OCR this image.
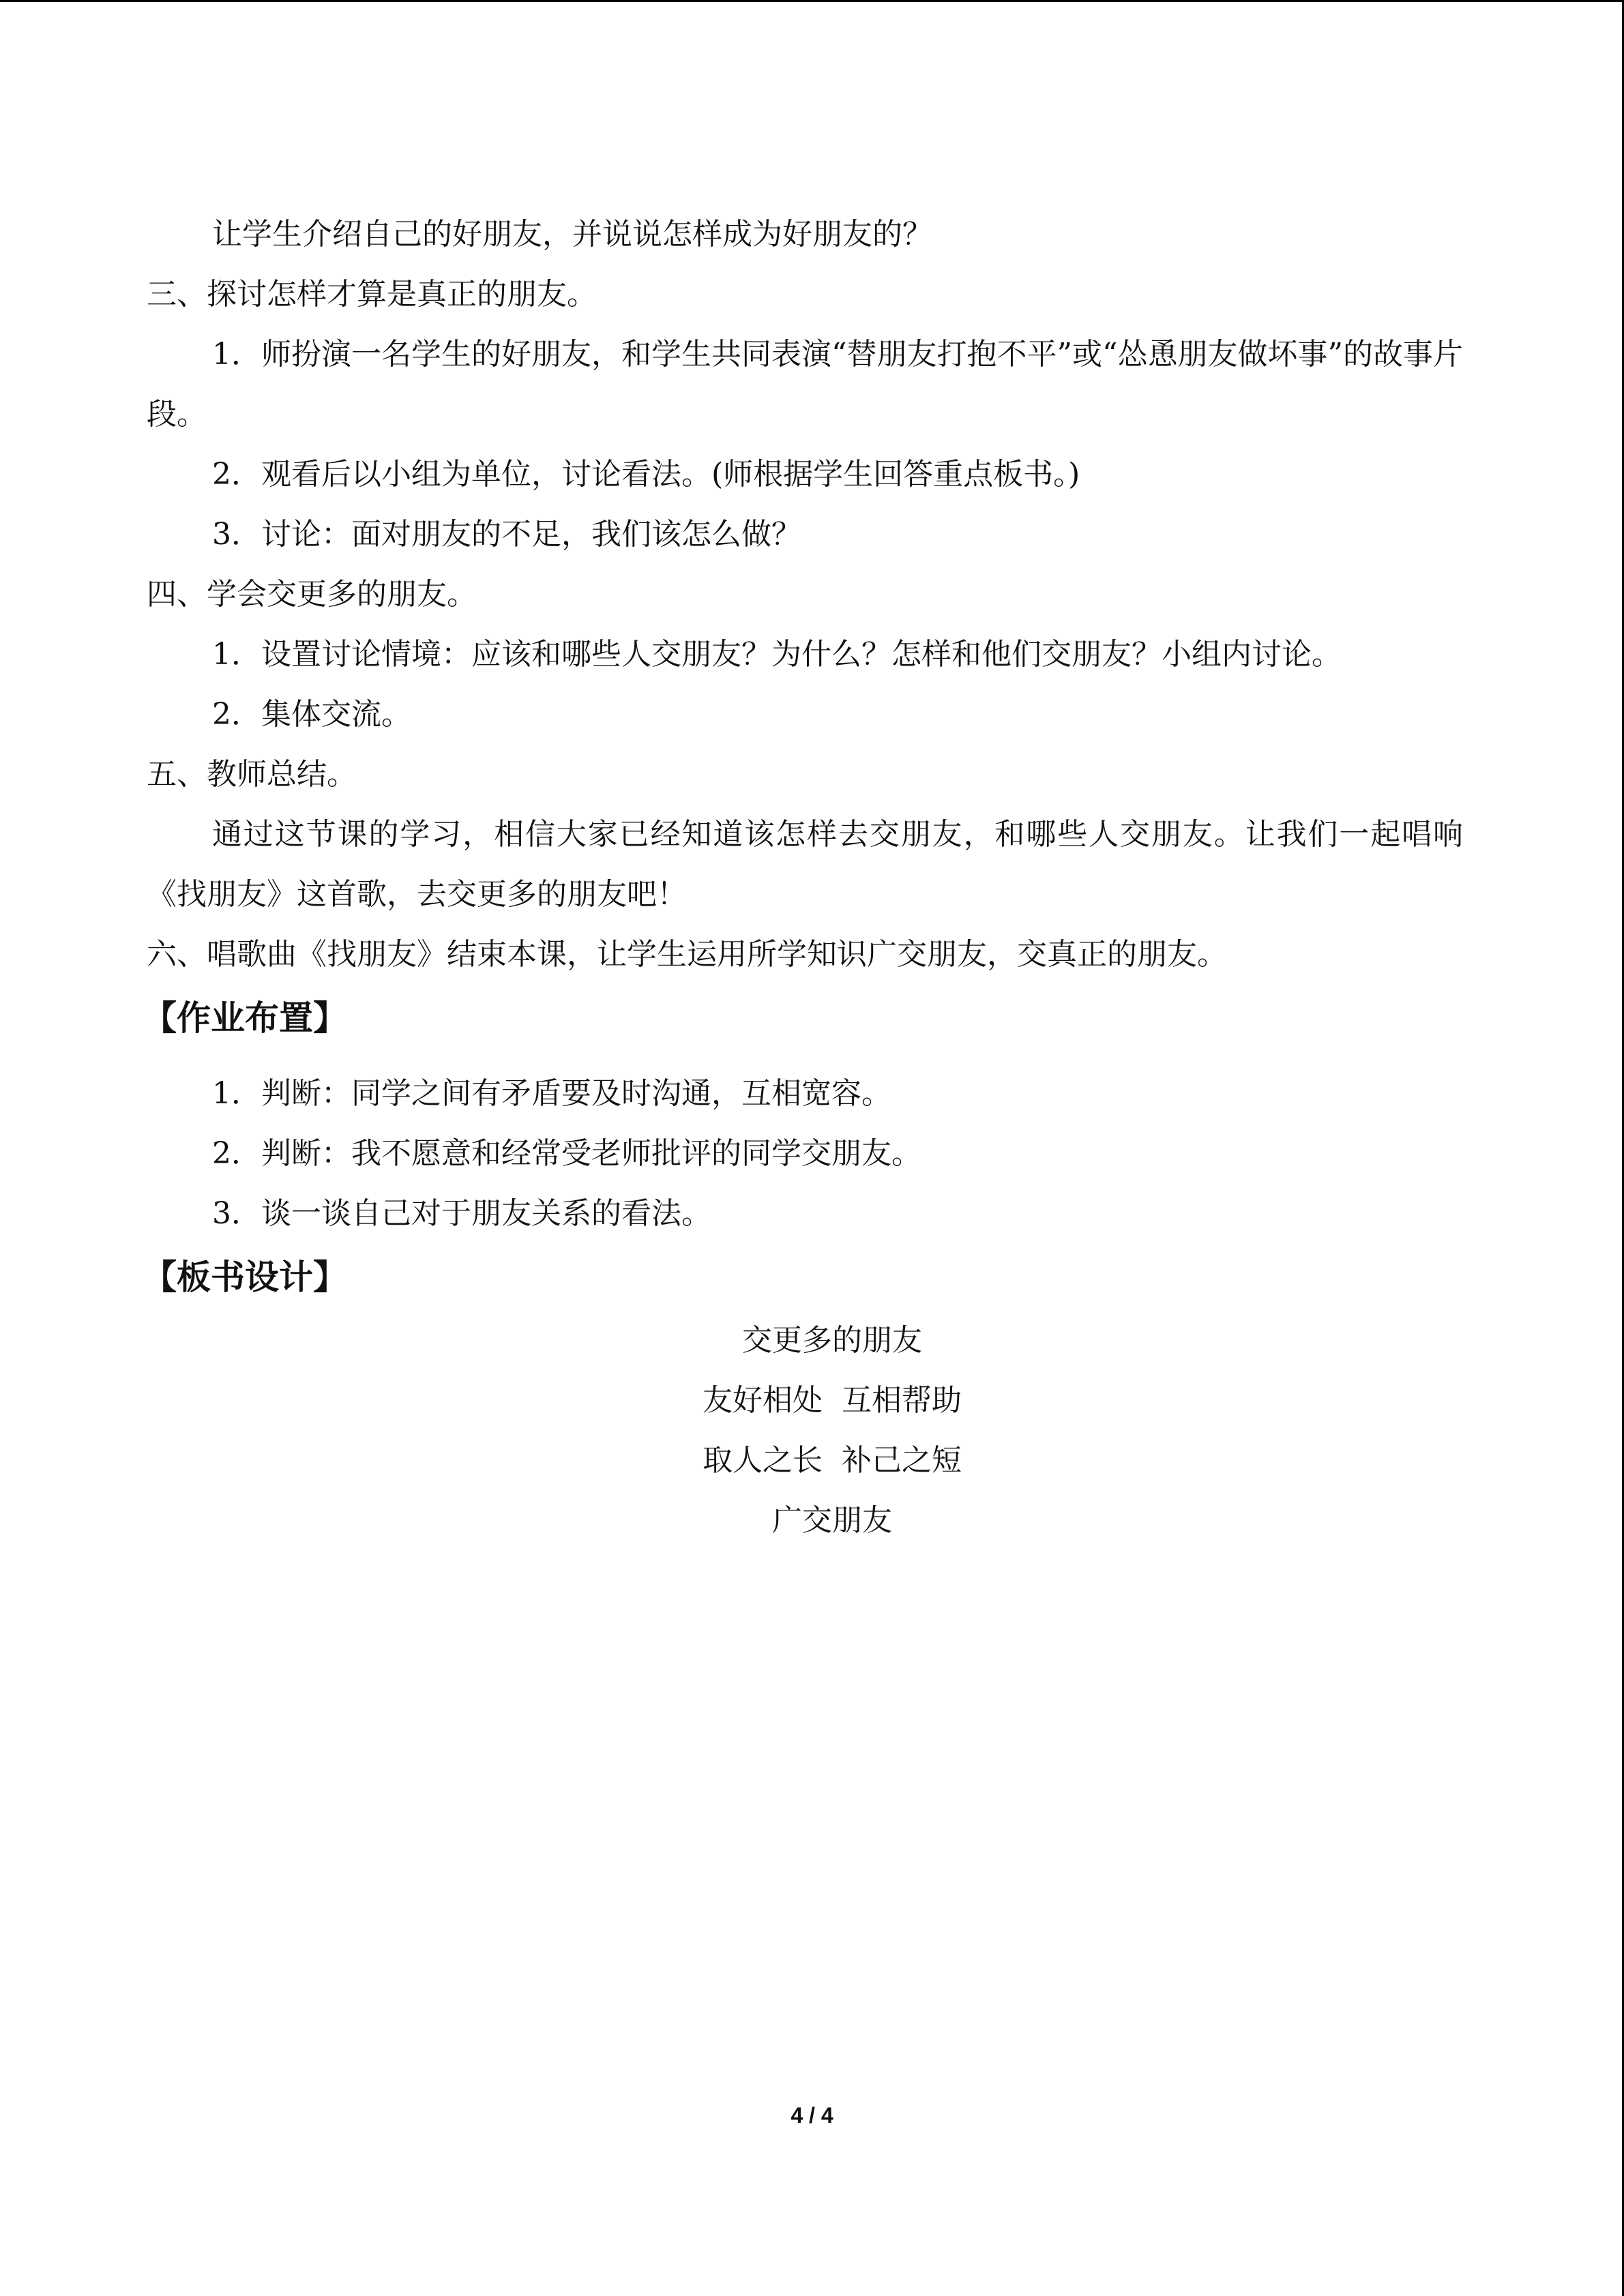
让学生介绍自己的好朋友，并说说怎样成为好朋友的？
三、探讨怎样才算是真正的朋友。
1．师扮演一名学生的好朋友，和学生共同表演“替朋友打抱不平”或“怂恿朋友做坏事”的故事片段。
2．观看后以小组为单位，讨论看法。(师根据学生回答重点板书。)
3．讨论：面对朋友的不足，我们该怎么做？
四、学会交更多的朋友。
1．设置讨论情境：应该和哪些人交朋友？为什么？怎样和他们交朋友？小组内讨论。
2．集体交流。
五、教师总结。
通过这节课的学习，相信大家已经知道该怎样去交朋友，和哪些人交朋友。让我们一起唱响《找朋友》这首歌，去交更多的朋友吧！
六、唱歌曲《找朋友》结束本课，让学生运用所学知识广交朋友，交真正的朋友。
【作业布置】
1．判断：同学之间有矛盾要及时沟通，互相宽容。
2．判断：我不愿意和经常受老师批评的同学交朋友。
3．谈一谈自己对于朋友关系的看法。
【板书设计】
交更多的朋友
友好相处  互相帮助
取人之长  补己之短
广交朋友
4 / 4
